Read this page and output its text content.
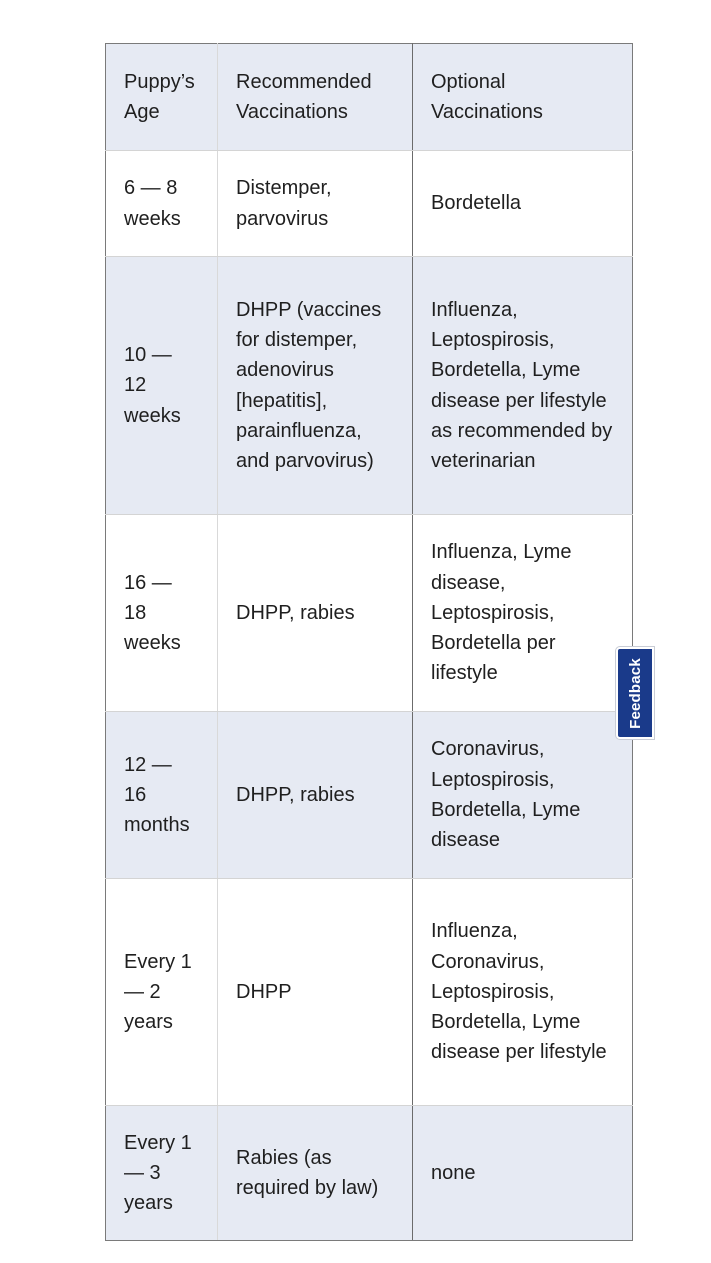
Puppy’s Age	Recommended Vaccinations	Optional Vaccinations
6 — 8 weeks	Distemper, parvovirus	Bordetella
10 — 12 weeks	DHPP (vaccines for distemper, adenovirus [hepatitis], parainfluenza, and parvovirus)	Influenza, Leptospirosis, Bordetella, Lyme disease per lifestyle as recommended by veterinarian
16 — 18 weeks	DHPP, rabies	Influenza, Lyme disease, Leptospirosis, Bordetella per lifestyle
12 — 16 months	DHPP, rabies	Coronavirus, Leptospirosis, Bordetella, Lyme disease
Every 1 — 2 years	DHPP	Influenza, Coronavirus, Leptospirosis, Bordetella, Lyme disease per lifestyle
Every 1 — 3 years	Rabies (as required by law)	none
Feedback
